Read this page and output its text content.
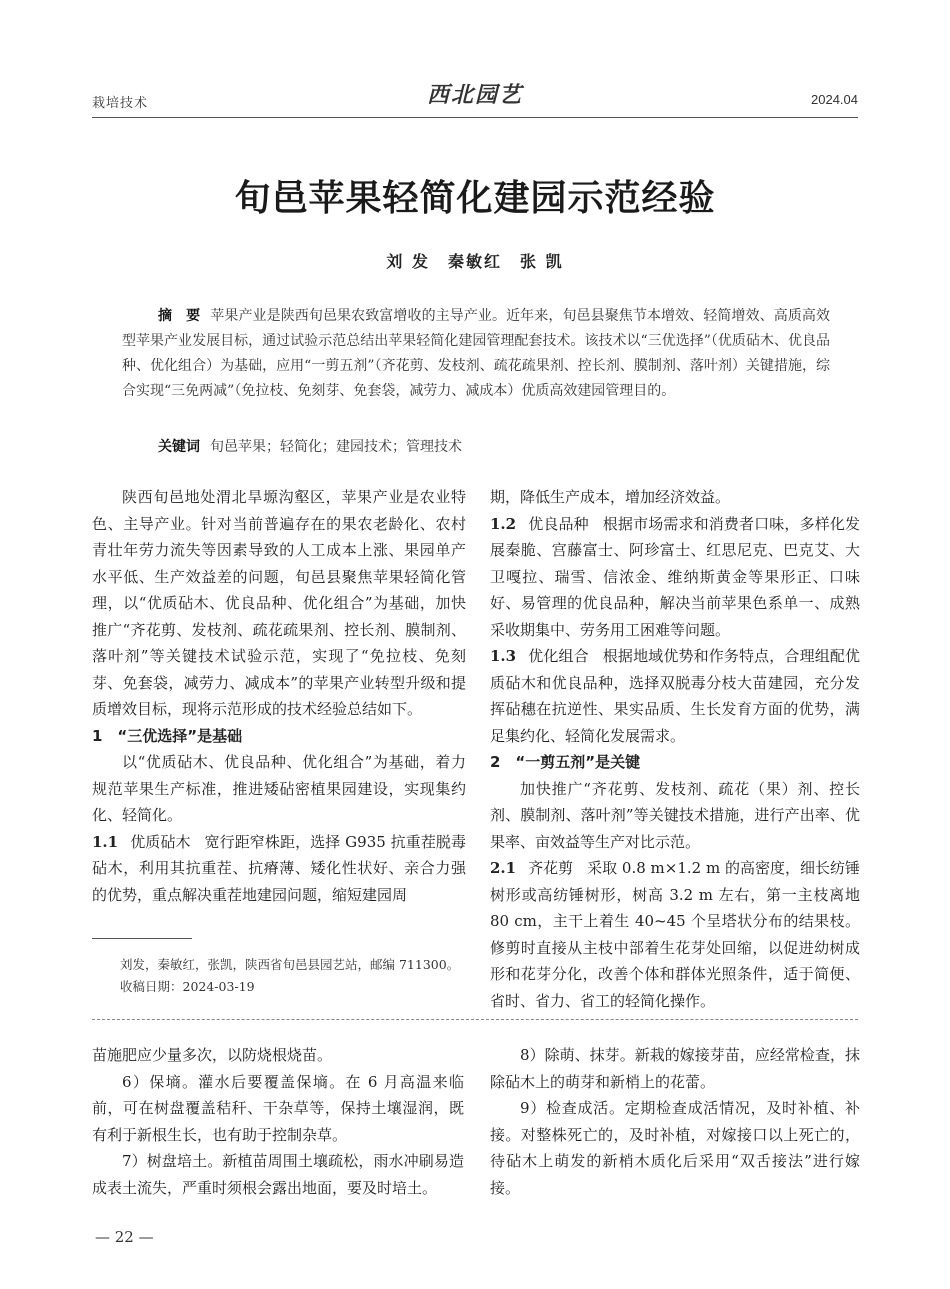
栽培技术	西北园艺	2024.04
旬邑苹果轻简化建园示范经验
刘 发　秦敏红　张 凯
摘　要 苹果产业是陕西旬邑果农致富增收的主导产业。近年来，旬邑县聚焦节本增效、轻简增效、高质高效型苹果产业发展目标，通过试验示范总结出苹果轻简化建园管理配套技术。该技术以“三优选择”（优质砧木、优良品种、优化组合）为基础，应用“一剪五剂”（齐花剪、发枝剂、疏花疏果剂、控长剂、膜制剂、落叶剂）关键措施，综合实现“三免两减”（免拉枝、免刻芽、免套袋，减劳力、减成本）优质高效建园管理目的。
关键词 旬邑苹果；轻简化；建园技术；管理技术

陕西旬邑地处渭北旱塬沟壑区，苹果产业是农业特色、主导产业。针对当前普遍存在的果农老龄化、农村青壮年劳力流失等因素导致的人工成本上涨、果园单产水平低、生产效益差的问题，旬邑县聚焦苹果轻简化管理，以“优质砧木、优良品种、优化组合”为基础，加快推广“齐花剪、发枝剂、疏花疏果剂、控长剂、膜制剂、落叶剂”等关键技术试验示范，实现了“免拉枝、免刻芽、免套袋，减劳力、减成本”的苹果产业转型升级和提质增效目标，现将示范形成的技术经验总结如下。

1　“三优选择”是基础

以“优质砧木、优良品种、优化组合”为基础，着力规范苹果生产标准，推进矮砧密植果园建设，实现集约化、轻简化。

1.1 优质砧木 宽行距窄株距，选择 G935 抗重茬脱毒砧木，利用其抗重茬、抗瘠薄、矮化性状好、亲合力强的优势，重点解决重茬地建园问题，缩短建园周

期，降低生产成本，增加经济效益。

1.2 优良品种 根据市场需求和消费者口味，多样化发展秦脆、宫藤富士、阿珍富士、红思尼克、巴克艾、大卫嘎拉、瑞雪、信浓金、维纳斯黄金等果形正、口味好、易管理的优良品种，解决当前苹果色系单一、成熟采收期集中、劳务用工困难等问题。

1.3 优化组合 根据地域优势和作务特点，合理组配优质砧木和优良品种，选择双脱毒分枝大苗建园，充分发挥砧穗在抗逆性、果实品质、生长发育方面的优势，满足集约化、轻简化发展需求。

2　“一剪五剂”是关键

加快推广“齐花剪、发枝剂、疏花（果）剂、控长剂、膜制剂、落叶剂”等关键技术措施，进行产出率、优果率、亩效益等生产对比示范。

2.1 齐花剪 采取 0.8 m×1.2 m 的高密度，细长纺锤树形或高纺锤树形，树高 3.2 m 左右，第一主枝离地80 cm，主干上着生 40~45 个呈塔状分布的结果枝。修剪时直接从主枝中部着生花芽处回缩，以促进幼树成形和花芽分化，改善个体和群体光照条件，适于简便、省时、省力、省工的轻简化操作。

刘发，秦敏红，张凯，陕西省旬邑县园艺站，邮编 711300。
收稿日期：2024-03-19

苗施肥应少量多次，以防烧根烧苗。

6）保墒。灌水后要覆盖保墒。在 6 月高温来临前，可在树盘覆盖秸秆、干杂草等，保持土壤湿润，既有利于新根生长，也有助于控制杂草。

7）树盘培土。新植苗周围土壤疏松，雨水冲刷易造成表土流失，严重时须根会露出地面，要及时培土。

8）除萌、抹芽。新栽的嫁接芽苗，应经常检查，抹除砧木上的萌芽和新梢上的花蕾。

9）检查成活。定期检查成活情况，及时补植、补接。对整株死亡的，及时补植，对嫁接口以上死亡的，待砧木上萌发的新梢木质化后采用“双舌接法”进行嫁接。

— 22 —
